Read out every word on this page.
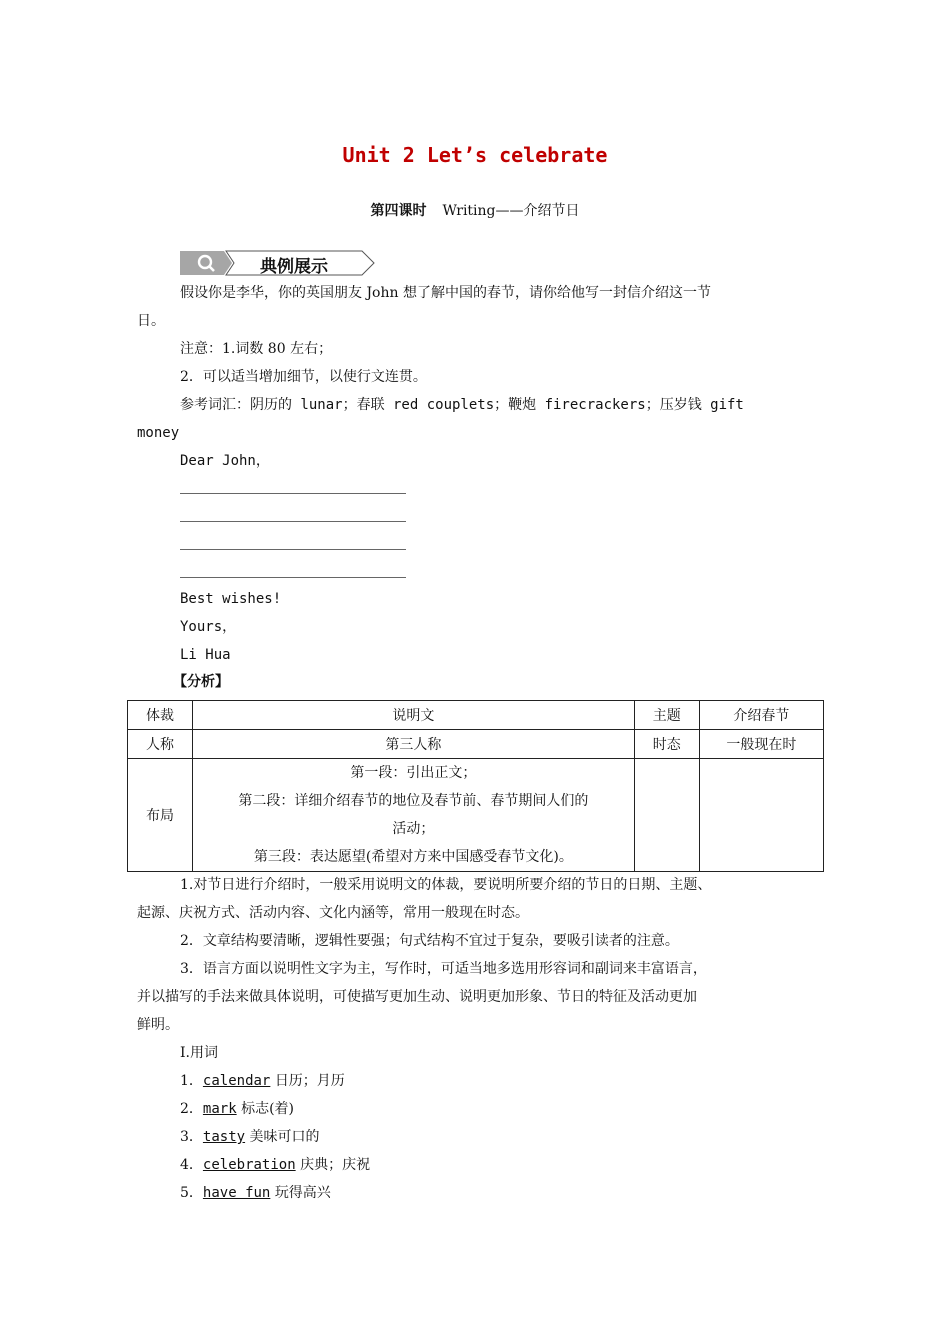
Unit 2 Let’s celebrate
第四课时 Writing——介绍节日
典例展示
假设你是李华，你的英国朋友 John 想了解中国的春节，请你给他写一封信介绍这一节
日。
注意：1.词数 80 左右；
2．可以适当增加细节，以使行文连贯。
参考词汇：阴历的 lunar；春联 red couplets；鞭炮 firecrackers；压岁钱 gift
money
Dear John，
Best wishes!
Yours，
Li Hua
【分析】
体裁	说明文	主题	介绍春节
人称	第三人称	时态	一般现在时
布局	第一段：引出正文；
第二段：详细介绍春节的地位及春节前、春节期间人们的
活动；
第三段：表达愿望(希望对方来中国感受春节文化)。		

1.对节日进行介绍时，一般采用说明文的体裁，要说明所要介绍的节日的日期、主题、
起源、庆祝方式、活动内容、文化内涵等，常用一般现在时态。
2．文章结构要清晰，逻辑性要强；句式结构不宜过于复杂，要吸引读者的注意。
3．语言方面以说明性文字为主，写作时，可适当地多选用形容词和副词来丰富语言，
并以描写的手法来做具体说明，可使描写更加生动、说明更加形象、节日的特征及活动更加
鲜明。
Ⅰ.用词
1．calendar 日历；月历
2．mark 标志(着)
3．tasty 美味可口的
4．celebration 庆典；庆祝
5．have fun 玩得高兴
